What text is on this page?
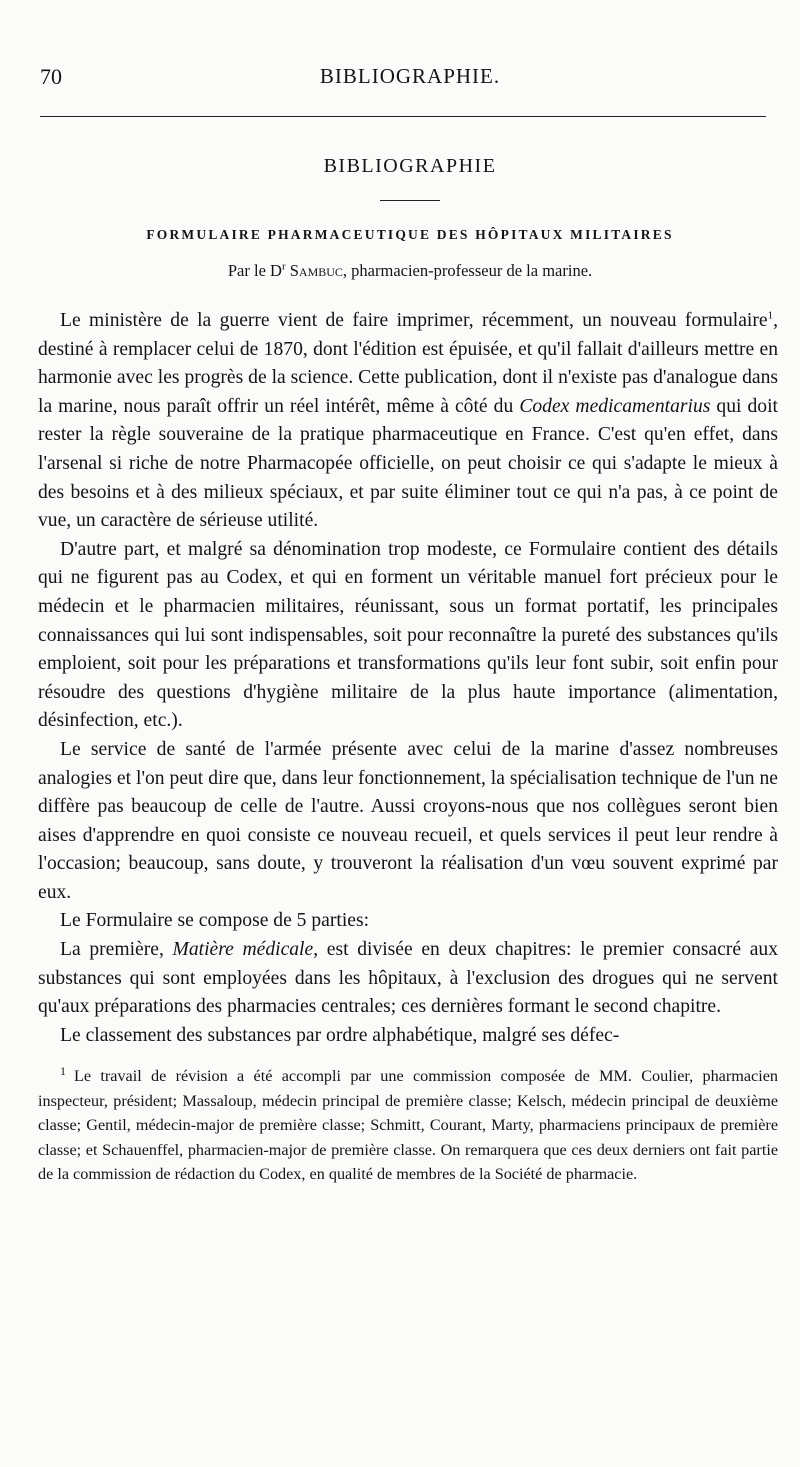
70	BIBLIOGRAPHIE.
BIBLIOGRAPHIE
FORMULAIRE PHARMACEUTIQUE DES HÔPITAUX MILITAIRES
Par le $D^r$ Sambuc, pharmacien-professeur de la marine.

Le ministère de la guerre vient de faire imprimer, récemment, un nouveau formulaire$^1$, destiné à remplacer celui de 1870, dont l'édition est épuisée, et qu'il fallait d'ailleurs mettre en harmonie avec les progrès de la science. Cette publication, dont il n'existe pas d'analogue dans la marine, nous paraît offrir un réel intérêt, même à côté du Codex medicamentarius qui doit rester la règle souveraine de la pratique pharmaceutique en France. C'est qu'en effet, dans l'arsenal si riche de notre Pharmacopée officielle, on peut choisir ce qui s'adapte le mieux à des besoins et à des milieux spéciaux, et par suite éliminer tout ce qui n'a pas, à ce point de vue, un caractère de sérieuse utilité.

D'autre part, et malgré sa dénomination trop modeste, ce Formulaire contient des détails qui ne figurent pas au Codex, et qui en forment un véritable manuel fort précieux pour le médecin et le pharmacien militaires, réunissant, sous un format portatif, les principales connaissances qui lui sont indispensables, soit pour reconnaître la pureté des substances qu'ils emploient, soit pour les préparations et transformations qu'ils leur font subir, soit enfin pour résoudre des questions d'hygiène militaire de la plus haute importance (alimentation, désinfection, etc.).

Le service de santé de l'armée présente avec celui de la marine d'assez nombreuses analogies et l'on peut dire que, dans leur fonctionnement, la spécialisation technique de l'un ne diffère pas beaucoup de celle de l'autre. Aussi croyons-nous que nos collègues seront bien aises d'apprendre en quoi consiste ce nouveau recueil, et quels services il peut leur rendre à l'occasion; beaucoup, sans doute, y trouveront la réalisation d'un vœu souvent exprimé par eux.

Le Formulaire se compose de 5 parties:

La première, Matière médicale, est divisée en deux chapitres: le premier consacré aux substances qui sont employées dans les hôpitaux, à l'exclusion des drogues qui ne servent qu'aux préparations des pharmacies centrales; ces dernières formant le second chapitre.

Le classement des substances par ordre alphabétique, malgré ses défec-

$^1$ Le travail de révision a été accompli par une commission composée de MM. Coulier, pharmacien inspecteur, président; Massaloup, médecin principal de première classe; Kelsch, médecin principal de deuxième classe; Gentil, médecin-major de première classe; Schmitt, Courant, Marty, pharmaciens principaux de première classe; et Schauenffel, pharmacien-major de première classe. On remarquera que ces deux derniers ont fait partie de la commission de rédaction du Codex, en qualité de membres de la Société de pharmacie.
